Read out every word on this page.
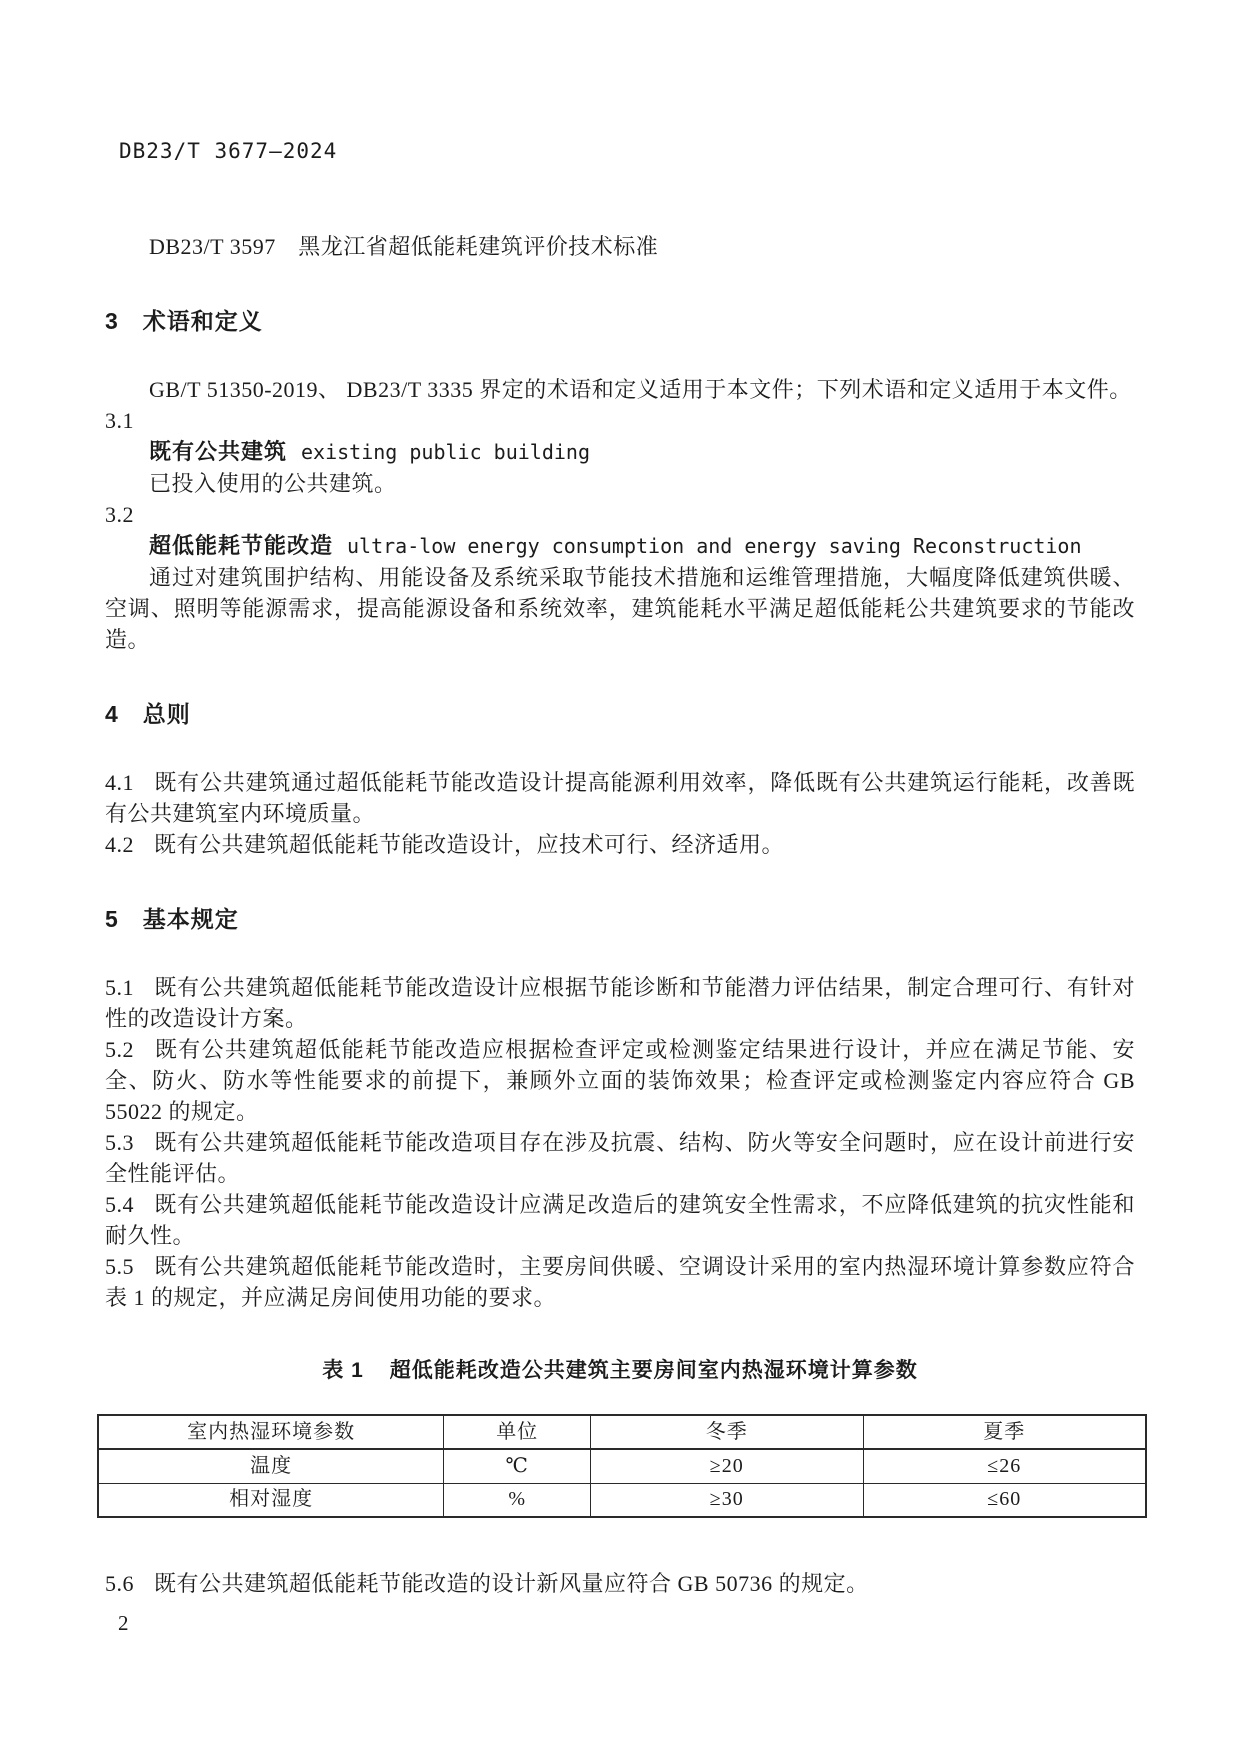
DB23/T 3677—2024

DB23/T 3597　黑龙江省超低能耗建筑评价技术标准

3　术语和定义

GB/T 51350-2019、 DB23/T 3335 界定的术语和定义适用于本文件；下列术语和定义适用于本文件。

3.1

既有公共建筑 existing public building

已投入使用的公共建筑。

3.2

超低能耗节能改造 ultra-low energy consumption and energy saving Reconstruction

通过对建筑围护结构、用能设备及系统采取节能技术措施和运维管理措施，大幅度降低建筑供暖、空调、照明等能源需求，提高能源设备和系统效率，建筑能耗水平满足超低能耗公共建筑要求的节能改造。

4　总则

4.1 既有公共建筑通过超低能耗节能改造设计提高能源利用效率，降低既有公共建筑运行能耗，改善既有公共建筑室内环境质量。

4.2 既有公共建筑超低能耗节能改造设计，应技术可行、经济适用。

5　基本规定

5.1 既有公共建筑超低能耗节能改造设计应根据节能诊断和节能潜力评估结果，制定合理可行、有针对性的改造设计方案。

5.2 既有公共建筑超低能耗节能改造应根据检查评定或检测鉴定结果进行设计，并应在满足节能、安全、防火、防水等性能要求的前提下，兼顾外立面的装饰效果；检查评定或检测鉴定内容应符合 GB 55022 的规定。

5.3 既有公共建筑超低能耗节能改造项目存在涉及抗震、结构、防火等安全问题时，应在设计前进行安全性能评估。

5.4 既有公共建筑超低能耗节能改造设计应满足改造后的建筑安全性需求，不应降低建筑的抗灾性能和耐久性。

5.5 既有公共建筑超低能耗节能改造时，主要房间供暖、空调设计采用的室内热湿环境计算参数应符合表 1 的规定，并应满足房间使用功能的要求。

表 1 超低能耗改造公共建筑主要房间室内热湿环境计算参数
室内热湿环境参数	单位	冬季	夏季
温度	℃	≥20	≤26
相对湿度	%	≥30	≤60

5.6 既有公共建筑超低能耗节能改造的设计新风量应符合 GB 50736 的规定。

2
